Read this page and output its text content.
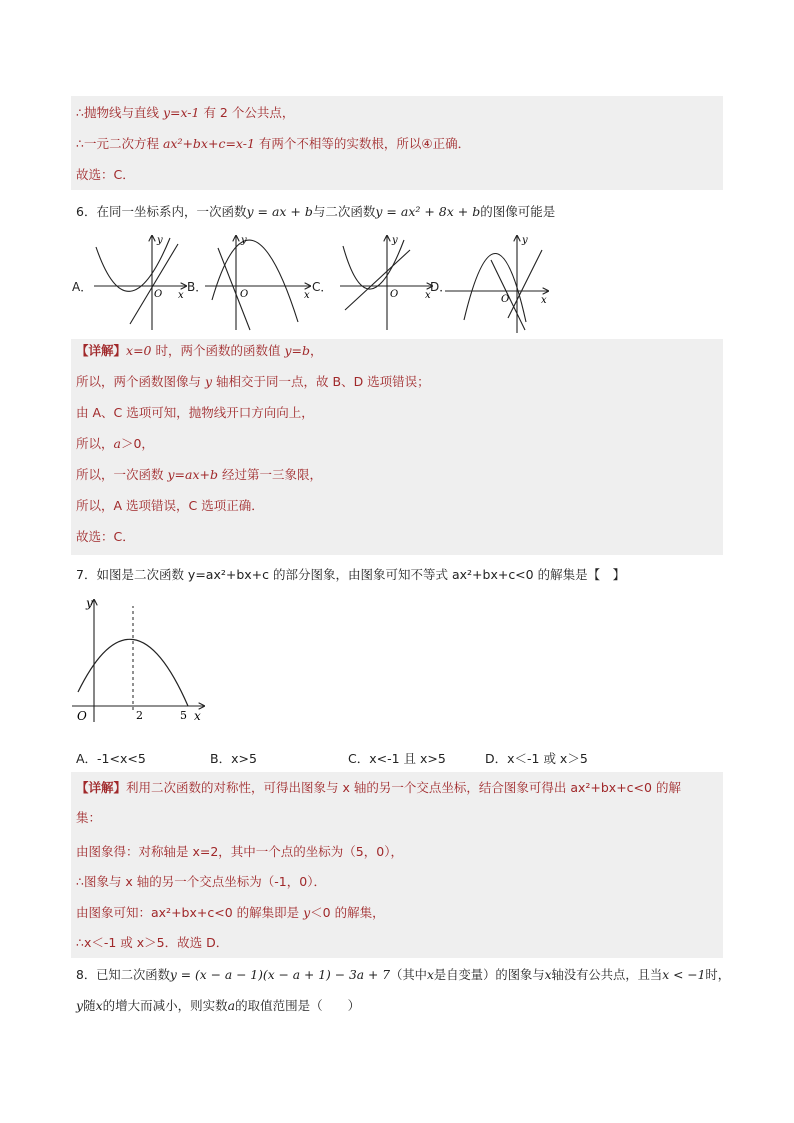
∴抛物线与直线 y=x-1 有 2 个公共点，
∴一元二次方程 ax²+bx+c=x-1 有两个不相等的实数根，所以④正确．
故选：C．
6．在同一坐标系内，一次函数y = ax + b与二次函数y = ax² + 8x + b的图像可能是
A．	B．	C．	D．
y
x
O
y
x
O
y
x
O
y
x
O
【详解】x=0 时，两个函数的函数值 y=b，
所以，两个函数图像与 y 轴相交于同一点，故 B、D 选项错误；
由 A、C 选项可知，抛物线开口方向向上，
所以，a＞0，
所以，一次函数 y=ax+b 经过第一三象限，
所以，A 选项错误，C 选项正确．
故选：C．
7．如图是二次函数 y=ax²+bx+c 的部分图象，由图象可知不等式 ax²+bx+c<0 的解集是【　】
y
x
O	2	5
A．-1<x<5	B．x>5	C．x<-1 且 x>5	D．x＜-1 或 x＞5
【详解】利用二次函数的对称性，可得出图象与 x 轴的另一个交点坐标，结合图象可得出 ax²+bx+c<0 的解
集：
由图象得：对称轴是 x=2，其中一个点的坐标为（5，0），
∴图象与 x 轴的另一个交点坐标为（-1，0）．
由图象可知：ax²+bx+c<0 的解集即是 y＜0 的解集，
∴x＜-1 或 x＞5．故选 D．
8．已知二次函数y = (x − a − 1)(x − a + 1) − 3a + 7（其中x是自变量）的图象与x轴没有公共点，且当x < −1时，
y随x的增大而减小，则实数a的取值范围是（　　）
